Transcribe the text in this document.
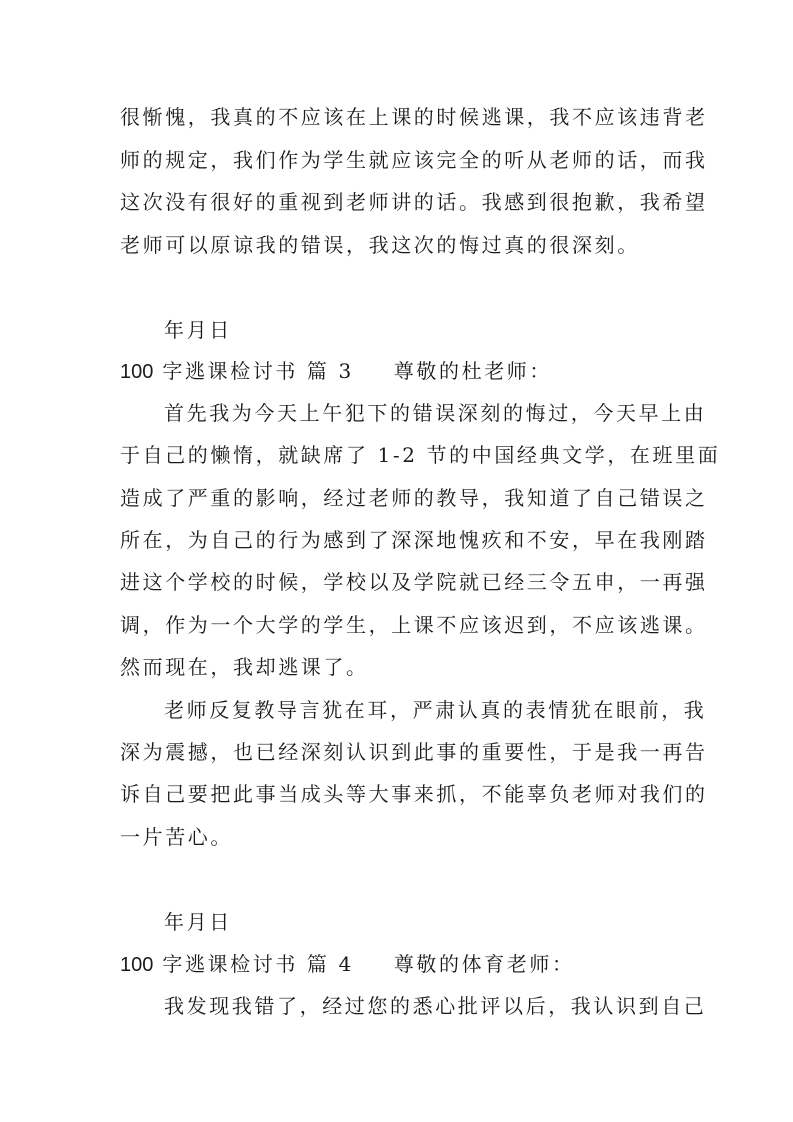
很惭愧，我真的不应该在上课的时候逃课，我不应该违背老
师的规定，我们作为学生就应该完全的听从老师的话，而我
这次没有很好的重视到老师讲的话。我感到很抱歉，我希望
老师可以原谅我的错误，我这次的悔过真的很深刻。
年月日
100 字逃课检讨书 篇 3 尊敬的杜老师：
首先我为今天上午犯下的错误深刻的悔过，今天早上由
于自己的懒惰，就缺席了 1-2 节的中国经典文学，在班里面
造成了严重的影响，经过老师的教导，我知道了自己错误之
所在，为自己的行为感到了深深地愧疚和不安，早在我刚踏
进这个学校的时候，学校以及学院就已经三令五申，一再强
调，作为一个大学的学生，上课不应该迟到，不应该逃课。
然而现在，我却逃课了。
老师反复教导言犹在耳，严肃认真的表情犹在眼前，我
深为震撼，也已经深刻认识到此事的重要性，于是我一再告
诉自己要把此事当成头等大事来抓，不能辜负老师对我们的
一片苦心。
年月日
100 字逃课检讨书 篇 4 尊敬的体育老师：
我发现我错了，经过您的悉心批评以后，我认识到自己
